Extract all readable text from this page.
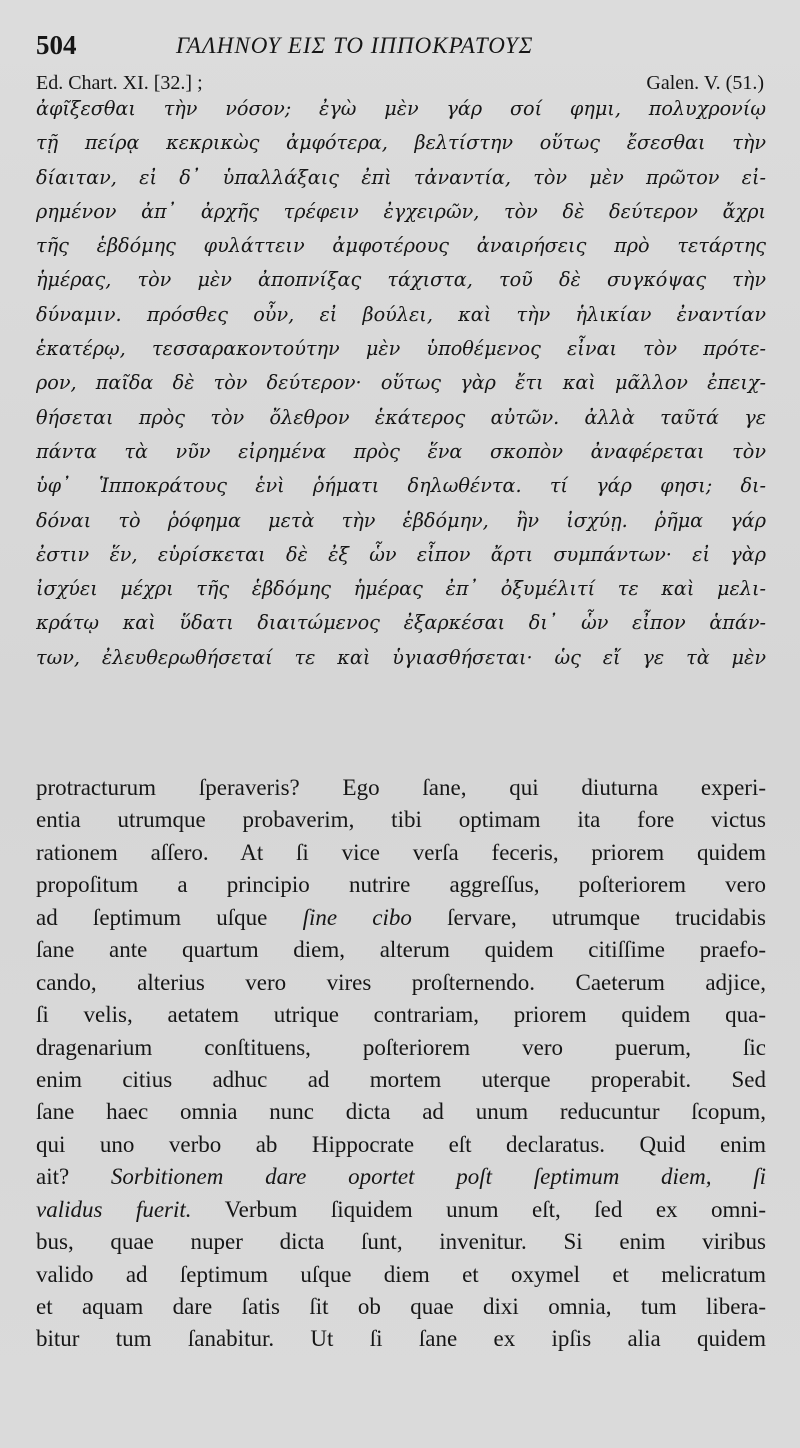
504	ΓΑΛΗΝΟΥ ΕΙΣ ΤΟ ΙΠΠΟΚΡΑΤΟΥΣ
Ed. Chart. XI. [32.] ;	Galen. V. (51.)
ἀφῖξεσθαι τὴν νόσον; ἐγὼ μὲν γάρ σοί φημι, πολυχρονίῳ
τῇ πείρᾳ κεκρικὼς ἀμφότερα, βελτίστην οὕτως ἔσεσθαι τὴν
δίαιταν, εἰ δ᾽ ὑπαλλάξαις ἐπὶ τἀναντία, τὸν μὲν πρῶτον εἰ-
ρημένον ἀπ᾽ ἀρχῆς τρέφειν ἐγχειρῶν, τὸν δὲ δεύτερον ἄχρι
τῆς ἑβδόμης φυλάττειν ἀμφοτέρους ἀναιρήσεις πρὸ τετάρτης
ἡμέρας, τὸν μὲν ἀποπνίξας τάχιστα, τοῦ δὲ συγκόψας τὴν
δύναμιν. πρόσθες οὖν, εἰ βούλει, καὶ τὴν ἡλικίαν ἐναντίαν
ἑκατέρῳ, τεσσαρακοντούτην μὲν ὑποθέμενος εἶναι τὸν πρότε-
ρον, παῖδα δὲ τὸν δεύτερον· οὕτως γὰρ ἔτι καὶ μᾶλλον ἐπειχ-
θήσεται πρὸς τὸν ὄλεθρον ἑκάτερος αὐτῶν. ἀλλὰ ταῦτά γε
πάντα τὰ νῦν εἰρημένα πρὸς ἕνα σκοπὸν ἀναφέρεται τὸν
ὑφ᾽ Ἱπποκράτους ἑνὶ ῥήματι δηλωθέντα. τί γάρ φησι; δι-
δόναι τὸ ῥόφημα μετὰ τὴν ἑβδόμην, ἢν ἰσχύῃ. ῥῆμα γάρ
ἐστιν ἕν, εὑρίσκεται δὲ ἐξ ὧν εἶπον ἄρτι συμπάντων· εἰ γὰρ
ἰσχύει μέχρι τῆς ἑβδόμης ἡμέρας ἐπ᾽ ὀξυμέλιτί τε καὶ μελι-
κράτῳ καὶ ὕδατι διαιτώμενος ἐξαρκέσαι δι᾽ ὧν εἶπον ἁπάν-
των, ἐλευθερωθήσεταί τε καὶ ὑγιασθήσεται· ὡς εἴ γε τὰ μὲν
protracturum ſperaveris? Ego ſane, qui diuturna experi-
entia utrumque probaverim, tibi optimam ita fore victus
rationem aſſero. At ſi vice verſa feceris, priorem quidem
propoſitum a principio nutrire aggreſſus, poſteriorem vero
ad ſeptimum uſque ſine cibo ſervare, utrumque trucidabis
ſane ante quartum diem, alterum quidem citiſſime praefo-
cando, alterius vero vires proſternendo. Caeterum adjice,
ſi velis, aetatem utrique contrariam, priorem quidem qua-
dragenarium conſtituens, poſteriorem vero puerum, ſic
enim citius adhuc ad mortem uterque properabit. Sed
ſane haec omnia nunc dicta ad unum reducuntur ſcopum,
qui uno verbo ab Hippocrate eſt declaratus. Quid enim
ait? Sorbitionem dare oportet poſt ſeptimum diem, ſi
validus fuerit. Verbum ſiquidem unum eſt, ſed ex omni-
bus, quae nuper dicta ſunt, invenitur. Si enim viribus
valido ad ſeptimum uſque diem et oxymel et melicratum
et aquam dare ſatis ſit ob quae dixi omnia, tum libera-
bitur tum ſanabitur. Ut ſi ſane ex ipſis alia quidem
